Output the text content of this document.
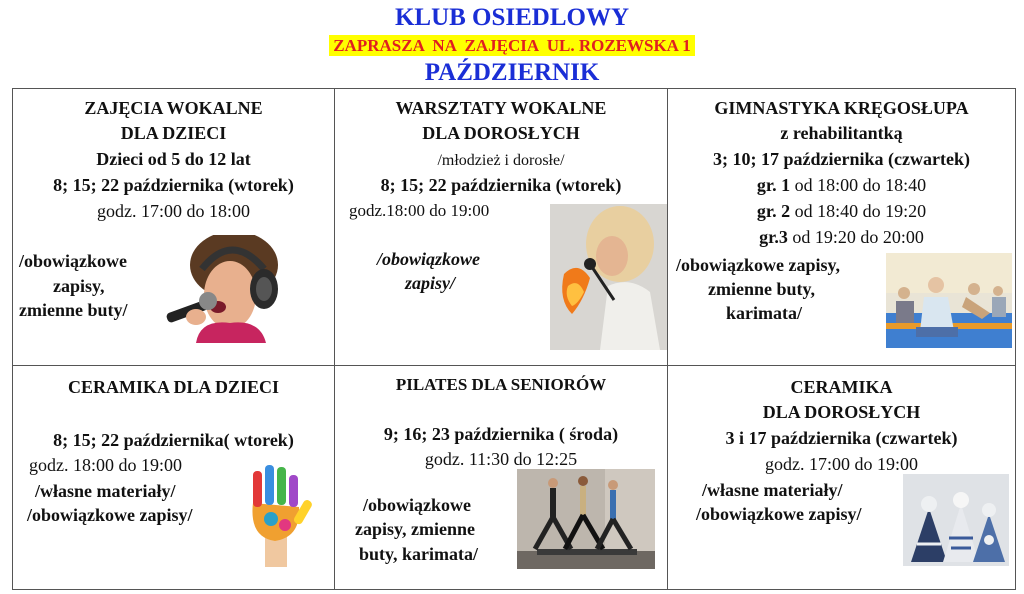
KLUB OSIEDLOWY
ZAPRASZA  NA  ZAJĘCIA  UL. ROZEWSKA 1
PAŹDZIERNIK
ZAJĘCIA WOKALNE
DLA DZIECI
Dzieci od 5 do 12 lat
8; 15; 22 października (wtorek)
godz. 17:00 do 18:00
/obowiązkowe
zapisy,
zmienne buty/
WARSZTATY WOKALNE
DLA DOROSŁYCH
/młodzież i dorosłe/
8; 15; 22 października (wtorek)
godz.18:00 do 19:00
/obowiązkowe
zapisy/
GIMNASTYKA KRĘGOSŁUPA
z rehabilitantką
3; 10; 17 października (czwartek)
gr. 1 od 18:00 do 18:40
gr. 2 od 18:40 do 19:20
gr.3 od 19:20 do 20:00
/obowiązkowe zapisy,
zmienne buty,
karimata/
CERAMIKA DLA DZIECI
8; 15; 22 października( wtorek)
godz. 18:00 do 19:00
/własne materiały/
/obowiązkowe zapisy/
PILATES DLA SENIORÓW
9; 16; 23 października ( środa)
godz. 11:30 do 12:25
/obowiązkowe
zapisy, zmienne
buty, karimata/
CERAMIKA
DLA DOROSŁYCH
3 i 17 października (czwartek)
godz. 17:00 do 19:00
/własne materiały/
/obowiązkowe zapisy/
